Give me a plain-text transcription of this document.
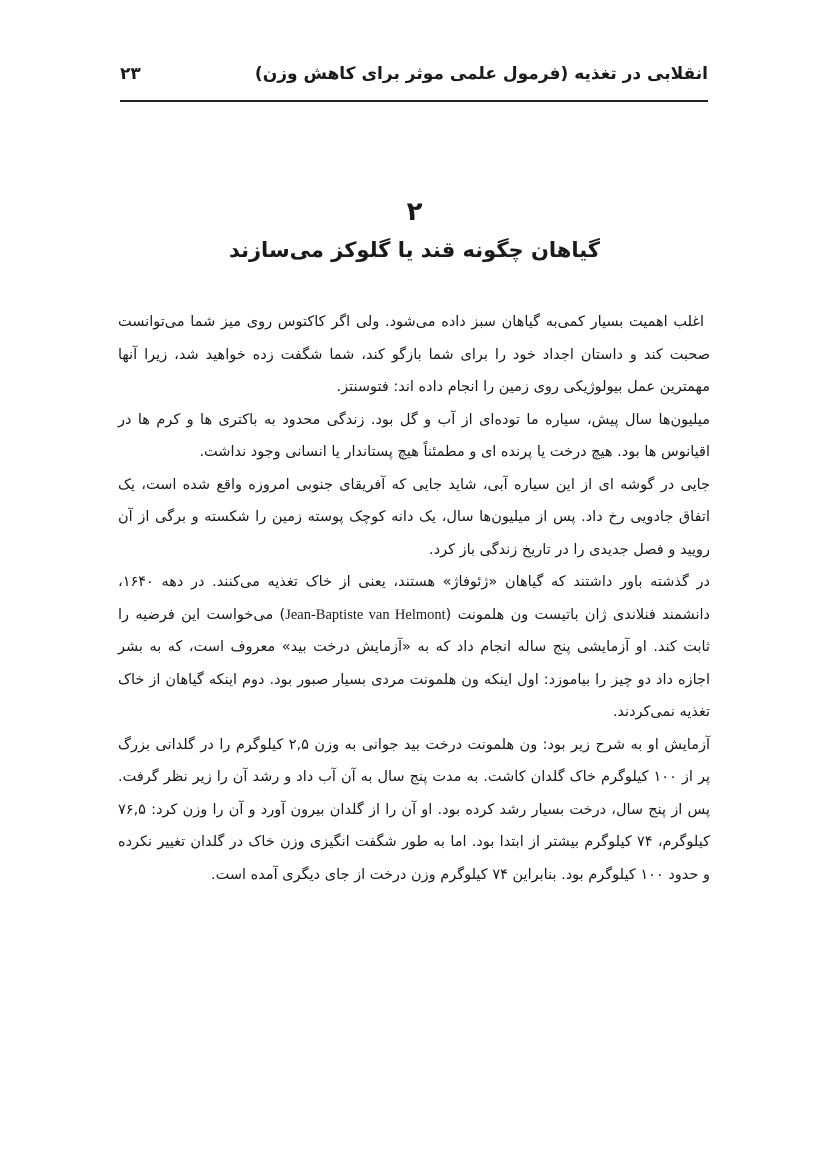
انقلابی در تغذیه (فرمول علمی موثر برای کاهش وزن)
۲۳
۲
گیاهان چگونه قند یا گلوکز می‌سازند

اغلب اهمیت بسیار کمی‌به گیاهان سبز داده می‌شود. ولی اگر کاکتوس روی میز شما می‌توانست صحبت کند و داستان اجداد خود را برای شما بازگو کند، شما شگفت زده خواهید شد، زیرا آنها مهمترین عمل بیولوژیکی روی زمین را انجام داده اند: فتوسنتز.

میلیون‌ها سال پیش، سیاره ما توده‌ای از آب و گل بود. زندگی محدود به باکتری ها و کرم ها در اقیانوس ها بود. هیچ درخت یا پرنده ای و مطمئناً هیچ پستاندار یا انسانی وجود نداشت.

جایی در گوشه ای از این سیاره آبی، شاید جایی که آفریقای جنوبی امروزه واقع شده است، یک اتفاق جادویی رخ داد. پس از میلیون‌ها سال، یک دانه کوچک پوسته زمین را شکسته و برگی از آن رویید و فصل جدیدی را در تاریخ زندگی باز کرد.

در گذشته باور داشتند که گیاهان «ژئوفاژ» هستند، یعنی از خاک تغذیه می‌کنند. در دهه ۱۶۴۰، دانشمند فنلاندی ژان باتیست ون هلمونت (Jean-Baptiste van Helmont) می‌خواست این فرضیه را ثابت کند. او آزمایشی پنج ساله انجام داد که به «آزمایش درخت بید» معروف است، که به بشر اجازه داد دو چیز را بیاموزد: اول اینکه ون هلمونت مردی بسیار صبور بود. دوم اینکه گیاهان از خاک تغذیه نمی‌کردند.

آزمایش او به شرح زیر بود: ون هلمونت درخت بید جوانی به وزن ۲,۵ کیلوگرم را در گلدانی بزرگ پر از ۱۰۰ کیلوگرم خاک گلدان کاشت. به مدت پنج سال به آن آب داد و رشد آن را زیر نظر گرفت. پس از پنج سال، درخت بسیار رشد کرده بود. او آن را از گلدان بیرون آورد و آن را وزن کرد: ۷۶,۵ کیلوگرم، ۷۴ کیلوگرم بیشتر از ابتدا بود. اما به طور شگفت انگیزی وزن خاک در گلدان تغییر نکرده و حدود ۱۰۰ کیلوگرم بود. بنابراین ۷۴ کیلوگرم وزن درخت از جای دیگری آمده است.
